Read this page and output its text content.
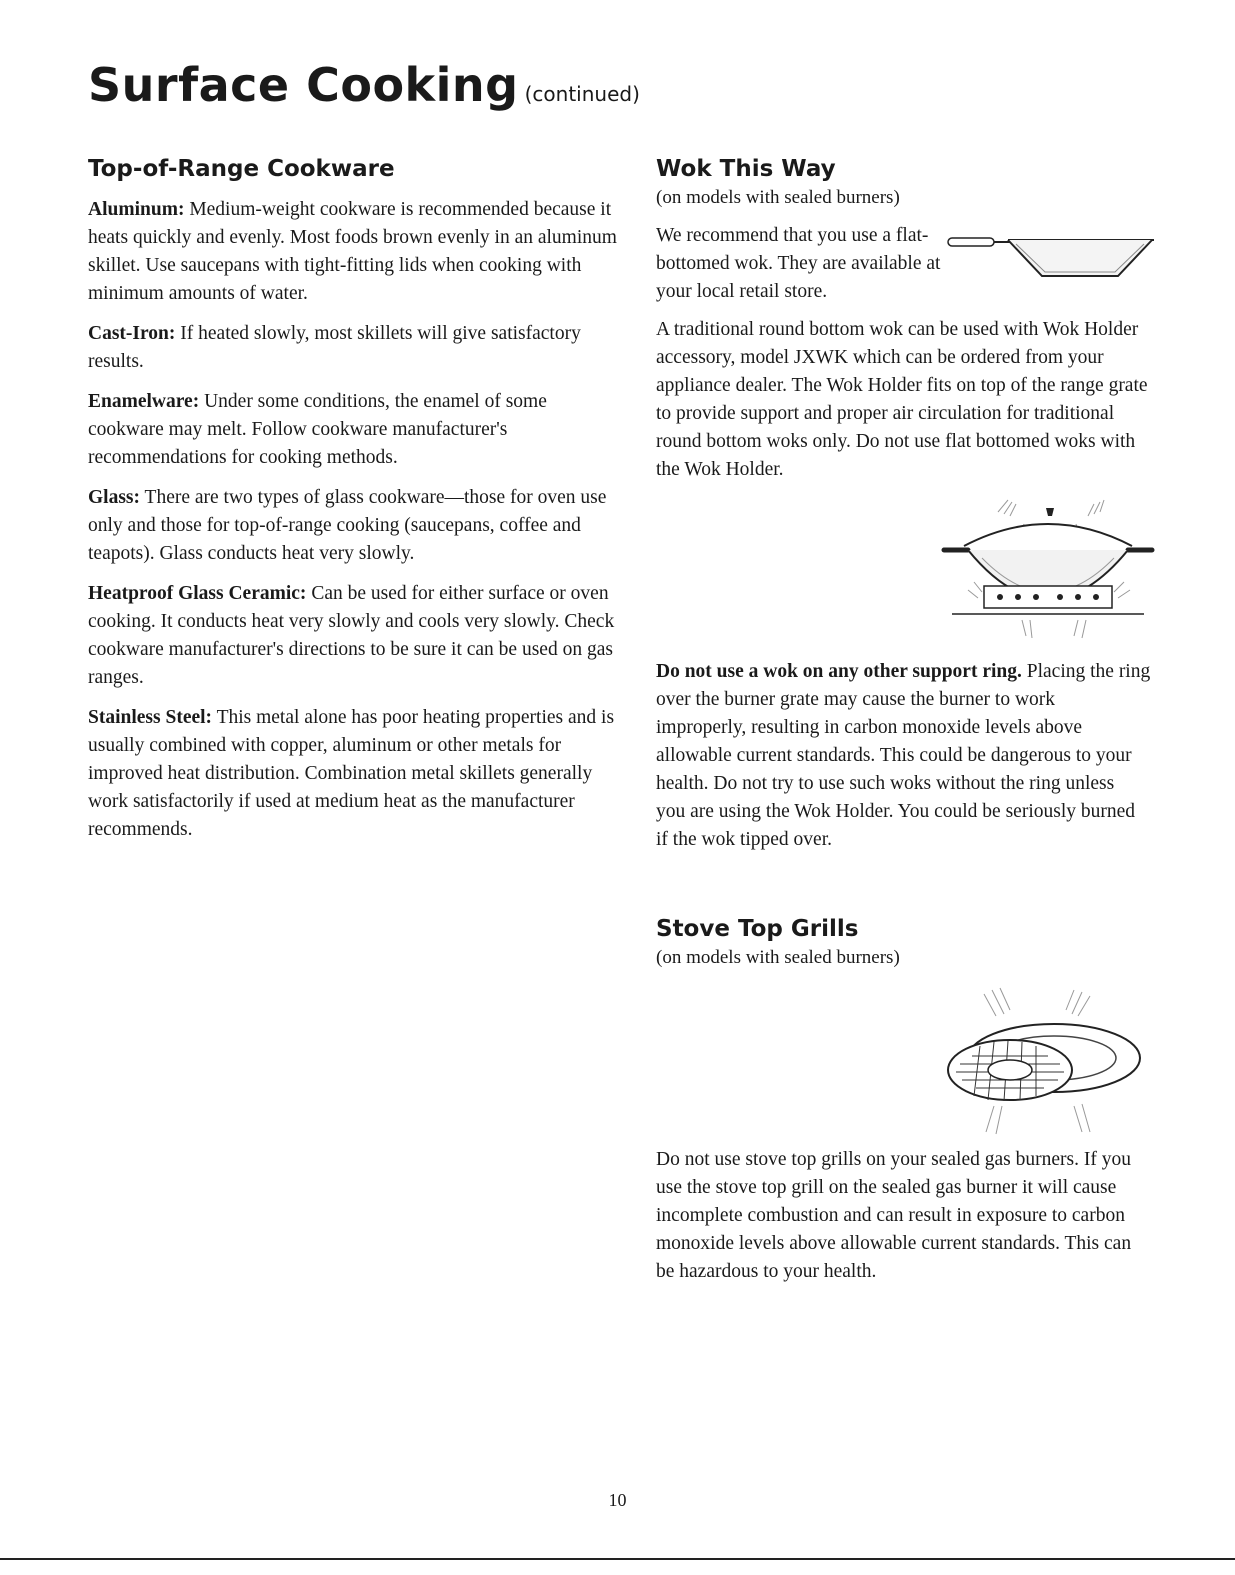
Surface Cooking (continued)
Top-of-Range Cookware

Aluminum: Medium-weight cookware is recommended because it heats quickly and evenly. Most foods brown evenly in an aluminum skillet. Use saucepans with tight-fitting lids when cooking with minimum amounts of water.

Cast-Iron: If heated slowly, most skillets will give satisfactory results.

Enamelware: Under some conditions, the enamel of some cookware may melt. Follow cookware manufacturer's recommendations for cooking methods.

Glass: There are two types of glass cookware—those for oven use only and those for top-of-range cooking (saucepans, coffee and teapots). Glass conducts heat very slowly.

Heatproof Glass Ceramic: Can be used for either surface or oven cooking. It conducts heat very slowly and cools very slowly. Check cookware manufacturer's directions to be sure it can be used on gas ranges.

Stainless Steel: This metal alone has poor heating properties and is usually combined with copper, aluminum or other metals for improved heat distribution. Combination metal skillets generally work satisfactorily if used at medium heat as the manufacturer recommends.

Wok This Way

(on models with sealed burners)

We recommend that you use a flat-bottomed wok. They are available at your local retail store.

A traditional round bottom wok can be used with Wok Holder accessory, model JXWK which can be ordered from your appliance dealer. The Wok Holder fits on top of the range grate to provide support and proper air circulation for traditional round bottom woks only. Do not use flat bottomed woks with the Wok Holder.

Do not use a wok on any other support ring. Placing the ring over the burner grate may cause the burner to work improperly, resulting in carbon monoxide levels above allowable current standards. This could be dangerous to your health. Do not try to use such woks without the ring unless you are using the Wok Holder. You could be seriously burned if the wok tipped over.

Stove Top Grills

(on models with sealed burners)

Do not use stove top grills on your sealed gas burners. If you use the stove top grill on the sealed gas burner it will cause incomplete combustion and can result in exposure to carbon monoxide levels above allowable current standards. This can be hazardous to your health.

10
